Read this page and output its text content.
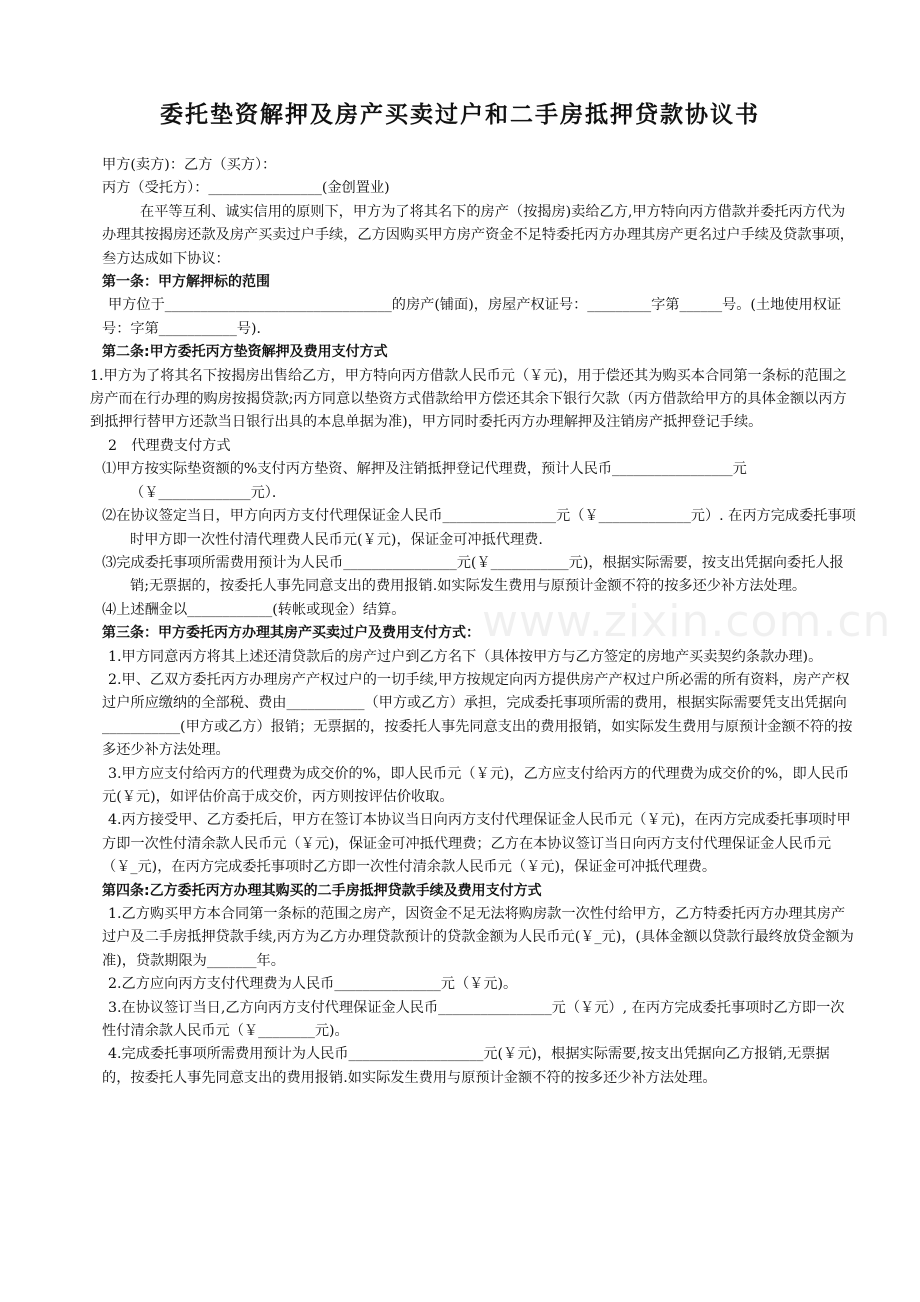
委托垫资解押及房产买卖过户和二手房抵押贷款协议书
www.zixin.com.cn

甲方(卖方)：乙方（买方）：

丙方（受托方）：________________(金创置业)

在平等互利、诚实信用的原则下，甲方为了将其名下的房产（按揭房)卖给乙方,甲方特向丙方借款并委托丙方代为办理其按揭房还款及房产买卖过户手续，乙方因购买甲方房产资金不足特委托丙方办理其房产更名过户手续及贷款事项，叁方达成如下协议：

第一条：甲方解押标的范围

甲方位于________________________________的房产(铺面)，房屋产权证号：_________字第______号。(土地使用权证号：字第___________号)．

第二条:甲方委托丙方垫资解押及费用支付方式

1.甲方为了将其名下按揭房出售给乙方，甲方特向丙方借款人民币元（￥元)，用于偿还其为购买本合同第一条标的范围之房产而在行办理的购房按揭贷款;丙方同意以垫资方式借款给甲方偿还其余下银行欠款（丙方借款给甲方的具体金额以丙方到抵押行替甲方还款当日银行出具的本息单据为准)，甲方同时委托丙方办理解押及注销房产抵押登记手续。

2　代理费支付方式

⑴甲方按实际垫资额的%支付丙方垫资、解押及注销抵押登记代理费，预计人民币_________________元（￥_____________元）．

⑵在协议签定当日，甲方向丙方支付代理保证金人民币________________元（￥_____________元）. 在丙方完成委托事项时甲方即一次性付清代理费人民币元(￥元)，保证金可冲抵代理费.

⑶完成委托事项所需费用预计为人民币________________元(￥___________元)，根据实际需要，按支出凭据向委托人报销;无票据的，按委托人事先同意支出的费用报销.如实际发生费用与原预计金额不符的按多还少补方法处理。

⑷上述酬金以____________(转帐或现金）结算。

第三条：甲方委托丙方办理其房产买卖过户及费用支付方式：

1.甲方同意丙方将其上述还清贷款后的房产过户到乙方名下（具体按甲方与乙方签定的房地产买卖契约条款办理)。

2.甲、乙双方委托丙方办理房产产权过户的一切手续,甲方按规定向丙方提供房产产权过户所必需的所有资料，房产产权过户所应缴纳的全部税、费由___________（甲方或乙方）承担，完成委托事项所需的费用，根据实际需要凭支出凭据向___________(甲方或乙方）报销；无票据的，按委托人事先同意支出的费用报销，如实际发生费用与原预计金额不符的按多还少补方法处理。

3.甲方应支付给丙方的代理费为成交价的%，即人民币元（￥元)，乙方应支付给丙方的代理费为成交价的%，即人民币元(￥元)，如评估价高于成交价，丙方则按评估价收取。

4.丙方接受甲、乙方委托后，甲方在签订本协议当日向丙方支付代理保证金人民币元（￥元)，在丙方完成委托事项时甲方即一次性付清余款人民币元（￥元)，保证金可冲抵代理费；乙方在本协议签订当日向丙方支付代理保证金人民币元（￥_元)，在丙方完成委托事项时乙方即一次性付清余款人民币元（￥元)，保证金可冲抵代理费。

第四条:乙方委托丙方办理其购买的二手房抵押贷款手续及费用支付方式

1.乙方购买甲方本合同第一条标的范围之房产，因资金不足无法将购房款一次性付给甲方，乙方特委托丙方办理其房产过户及二手房抵押贷款手续,丙方为乙方办理贷款预计的贷款金额为人民币元(￥_元)，(具体金额以贷款行最终放贷金额为准)，贷款期限为_______年。

2.乙方应向丙方支付代理费为人民币_______________元（￥元)。

3.在协议签订当日,乙方向丙方支付代理保证金人民币________________元（￥元）, 在丙方完成委托事项时乙方即一次性付清余款人民币元（￥________元)。

4.完成委托事项所需费用预计为人民币___________________元(￥元)，根据实际需要,按支出凭据向乙方报销,无票据的，按委托人事先同意支出的费用报销.如实际发生费用与原预计金额不符的按多还少补方法处理。
